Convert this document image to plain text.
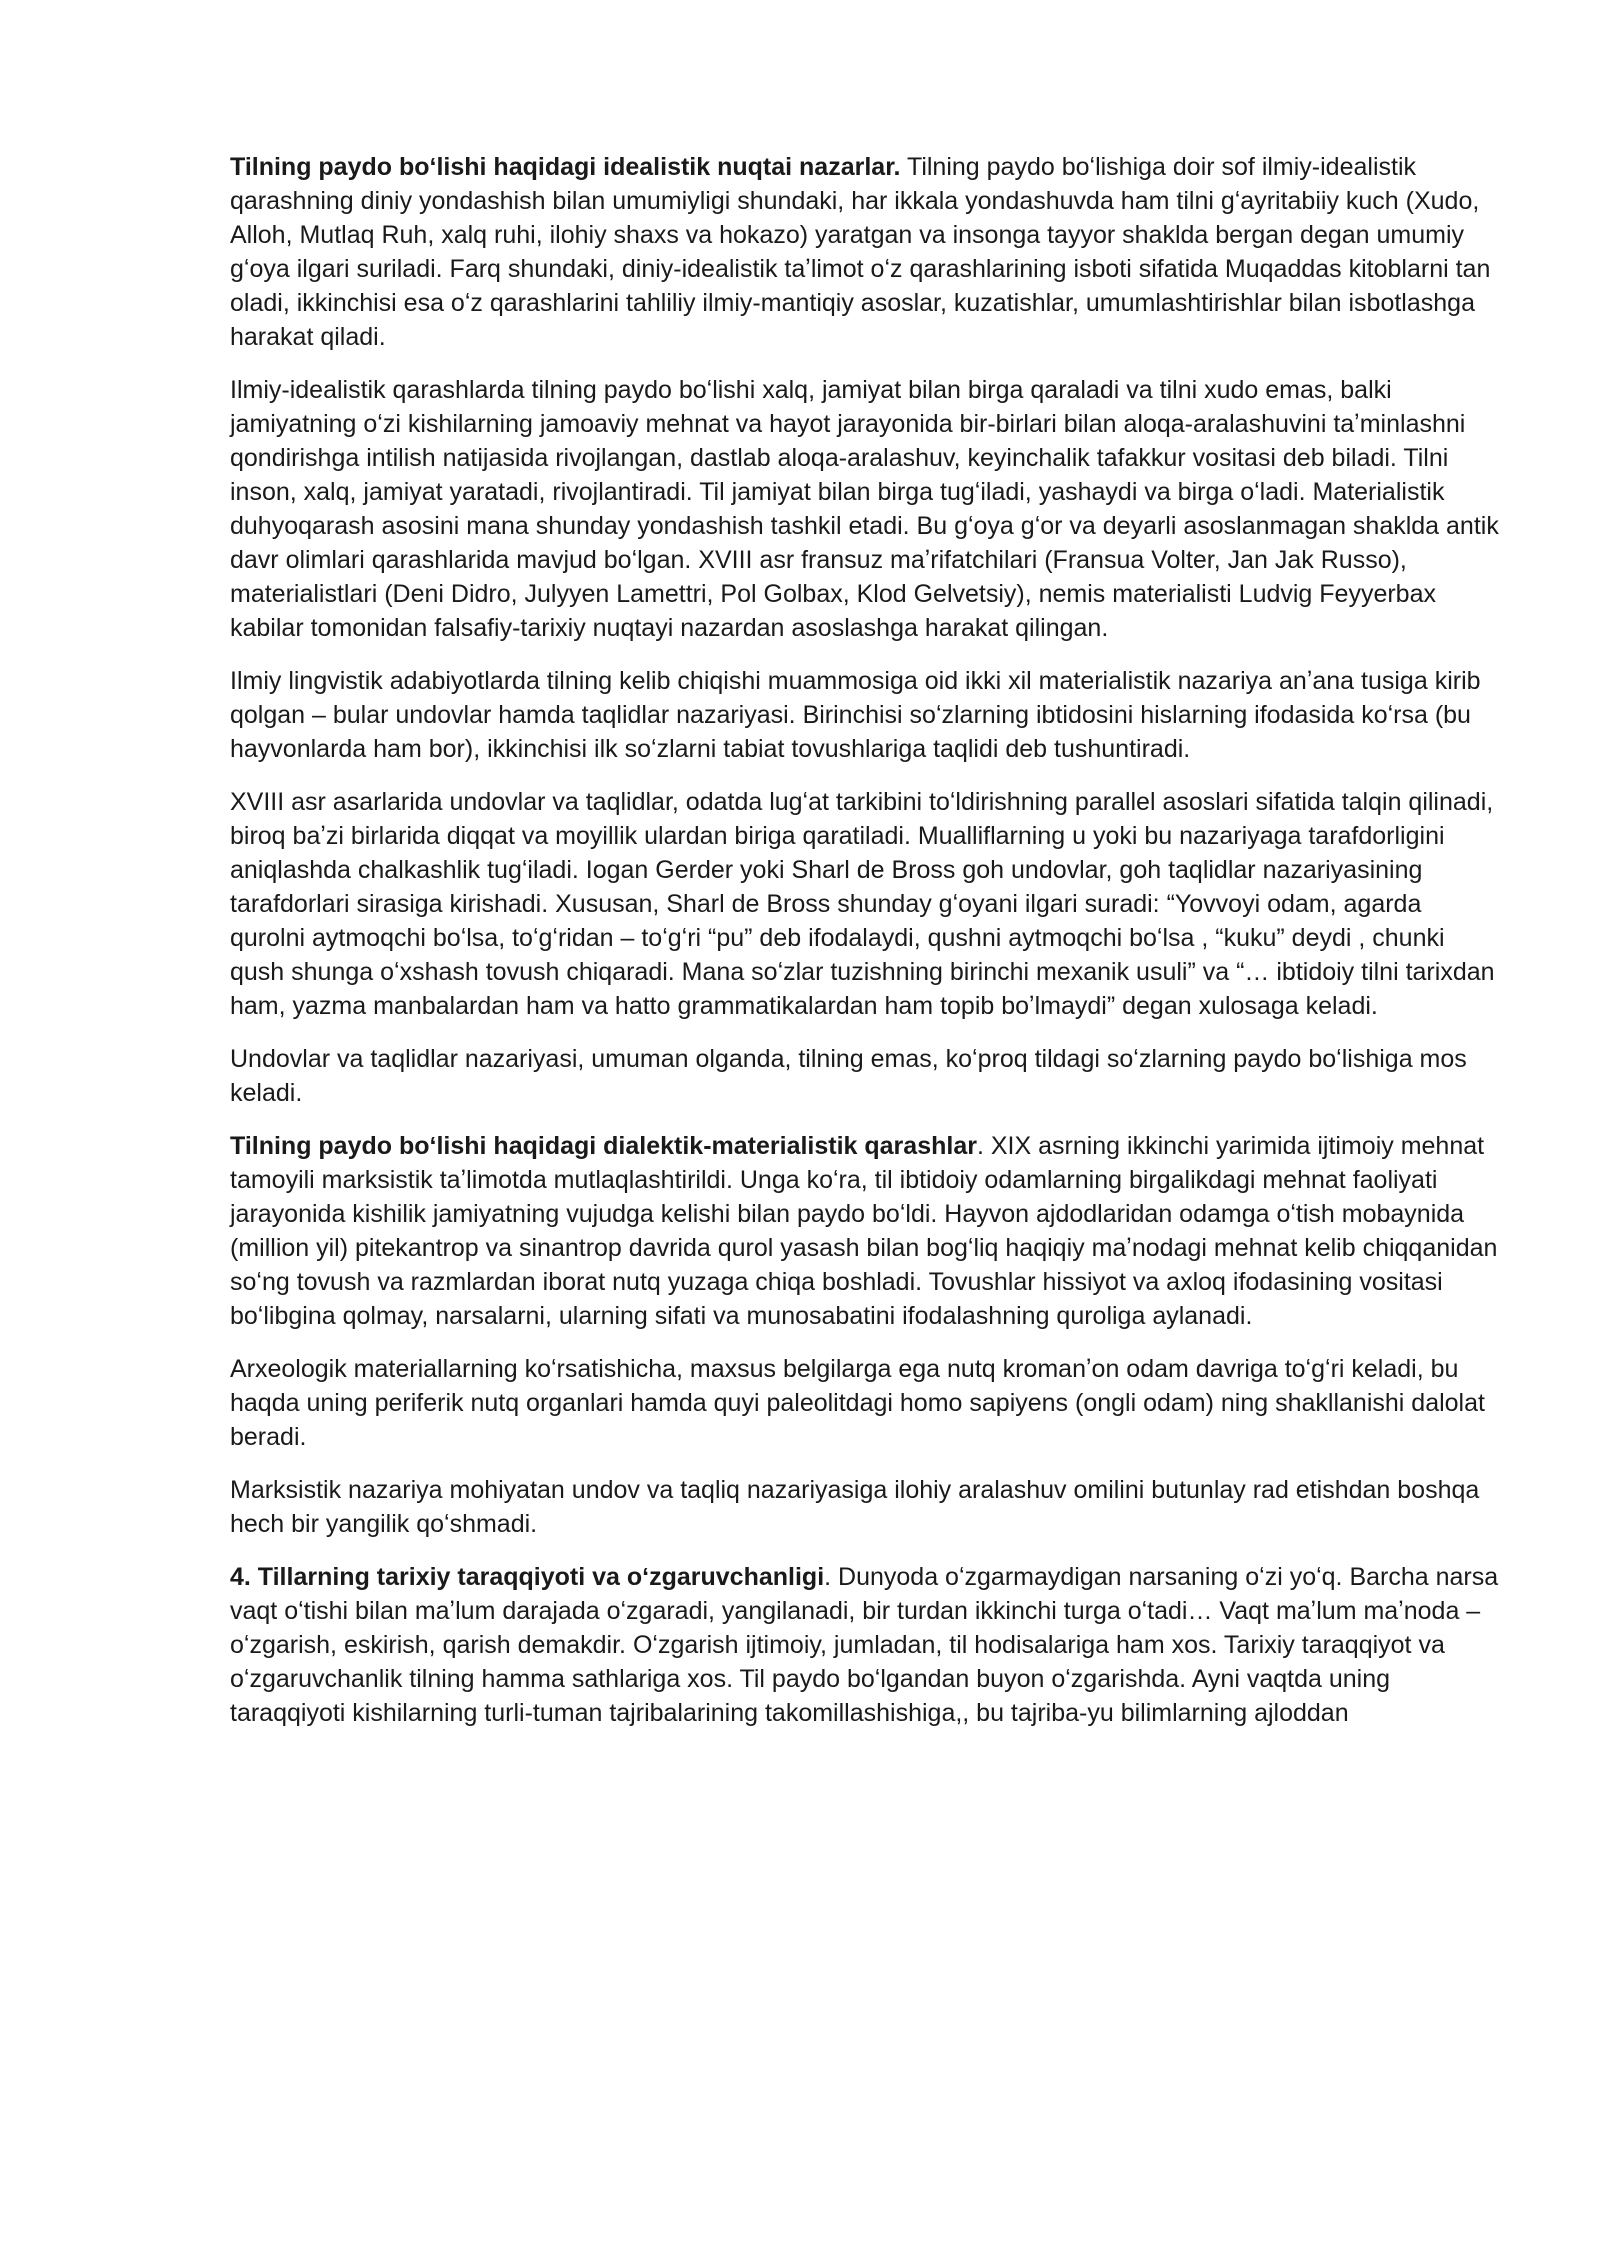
Tilning paydo boʻlishi haqidagi idealistik nuqtai nazarlar. Tilning paydo boʻlishiga doir sof ilmiy-idealistik qarashning diniy yondashish bilan umumiyligi shundaki, har ikkala yondashuvda ham tilni gʻayritabiiy kuch (Xudo, Alloh, Mutlaq Ruh, xalq ruhi, ilohiy shaxs va hokazo) yaratgan va insonga tayyor shaklda bergan degan umumiy gʻoya ilgari suriladi. Farq shundaki, diniy-idealistik taʼlimot oʻz qarashlarining isboti sifatida Muqaddas kitoblarni tan oladi, ikkinchisi esa oʻz qarashlarini tahliliy ilmiy-mantiqiy asoslar, kuzatishlar, umumlashtirishlar bilan isbotlashga harakat qiladi.

Ilmiy-idealistik qarashlarda tilning paydo boʻlishi xalq, jamiyat bilan birga qaraladi va tilni xudo emas, balki jamiyatning oʻzi kishilarning jamoaviy mehnat va hayot jarayonida bir-birlari bilan aloqa-aralashuvini taʼminlashni qondirishga intilish natijasida rivojlangan, dastlab aloqa-aralashuv, keyinchalik tafakkur vositasi deb biladi. Tilni inson, xalq, jamiyat yaratadi, rivojlantiradi. Til jamiyat bilan birga tugʻiladi, yashaydi va birga oʻladi. Materialistik duhyoqarash asosini mana shunday yondashish tashkil etadi. Bu gʻoya gʻor va deyarli asoslanmagan shaklda antik davr olimlari qarashlarida mavjud boʻlgan. XVIII asr fransuz maʼrifatchilari (Fransua Volter, Jan Jak Russo), materialistlari (Deni Didro, Julyyen Lamettri, Pol Golbax, Klod Gelvetsiy), nemis materialisti Ludvig Feyyerbax kabilar tomonidan falsafiy-tarixiy nuqtayi nazardan asoslashga harakat qilingan.

Ilmiy lingvistik adabiyotlarda tilning kelib chiqishi muammosiga oid ikki xil materialistik nazariya anʼana tusiga kirib qolgan – bular undovlar hamda taqlidlar nazariyasi. Birinchisi soʻzlarning ibtidosini hislarning ifodasida koʻrsa (bu hayvonlarda ham bor), ikkinchisi ilk soʻzlarni tabiat tovushlariga taqlidi deb tushuntiradi.

XVIII asr asarlarida undovlar va taqlidlar, odatda lugʻat tarkibini toʻldirishning parallel asoslari sifatida talqin qilinadi, biroq baʼzi birlarida diqqat va moyillik ulardan biriga qaratiladi. Mualliflarning u yoki bu nazariyaga tarafdorligini aniqlashda chalkashlik tugʻiladi. Iogan Gerder yoki Sharl de Bross goh undovlar, goh taqlidlar nazariyasining tarafdorlari sirasiga kirishadi. Xususan, Sharl de Bross shunday gʻoyani ilgari suradi: “Yovvoyi odam, agarda qurolni aytmoqchi boʻlsa, toʻgʻridan – toʻgʻri “pu” deb ifodalaydi, qushni aytmoqchi boʻlsa , “kuku” deydi , chunki qush shunga oʻxshash tovush chiqaradi. Mana soʻzlar tuzishning birinchi mexanik usuli” va “… ibtidoiy tilni tarixdan ham, yazma manbalardan ham va hatto grammatikalardan ham topib boʼlmaydi” degan xulosaga keladi.

Undovlar va taqlidlar nazariyasi, umuman olganda, tilning emas, koʻproq tildagi soʻzlarning paydo boʻlishiga mos keladi.

Tilning paydo boʻlishi haqidagi dialektik-materialistik qarashlar. XIX asrning ikkinchi yarimida ijtimoiy mehnat tamoyili marksistik taʼlimotda mutlaqlashtirildi. Unga koʻra, til ibtidoiy odamlarning birgalikdagi mehnat faoliyati jarayonida kishilik jamiyatning vujudga kelishi bilan paydo boʻldi. Hayvon ajdodlaridan odamga oʻtish mobaynida (million yil) pitekantrop va sinantrop davrida qurol yasash bilan bogʻliq haqiqiy maʼnodagi mehnat kelib chiqqanidan soʻng tovush va razmlardan iborat nutq yuzaga chiqa boshladi. Tovushlar hissiyot va axloq ifodasining vositasi boʻlibgina qolmay, narsalarni, ularning sifati va munosabatini ifodalashning quroliga aylanadi.

Arxeologik materiallarning koʻrsatishicha, maxsus belgilarga ega nutq kromanʼon odam davriga toʻgʻri keladi, bu haqda uning periferik nutq organlari hamda quyi paleolitdagi homo sapiyens (ongli odam) ning shakllanishi dalolat beradi.

Marksistik nazariya mohiyatan undov va taqliq nazariyasiga ilohiy aralashuv omilini butunlay rad etishdan boshqa hech bir yangilik qoʻshmadi.

4. Tillarning tarixiy taraqqiyoti va oʻzgaruvchanligi. Dunyoda oʻzgarmaydigan narsaning oʻzi yoʻq. Barcha narsa vaqt oʻtishi bilan maʼlum darajada oʻzgaradi, yangilanadi, bir turdan ikkinchi turga oʻtadi… Vaqt maʼlum maʼnoda – oʻzgarish, eskirish, qarish demakdir. Oʻzgarish ijtimoiy, jumladan, til hodisalariga ham xos. Tarixiy taraqqiyot va oʻzgaruvchanlik tilning hamma sathlariga xos. Til paydo boʻlgandan buyon oʻzgarishda. Ayni vaqtda uning taraqqiyoti kishilarning turli-tuman tajribalarining takomillashishiga,, bu tajriba-yu bilimlarning ajloddan
